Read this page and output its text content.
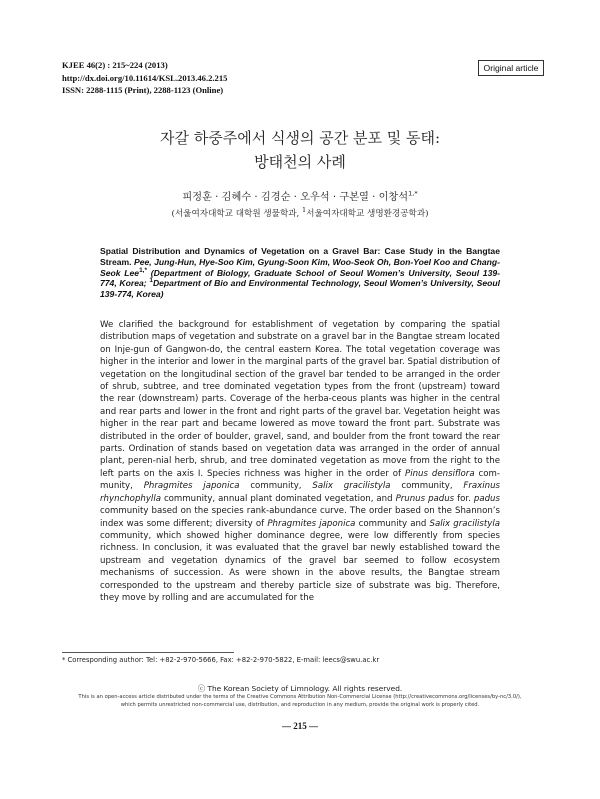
KJEE 46(2) : 215~224 (2013)
http://dx.doi.org/10.11614/KSL.2013.46.2.215
ISSN: 2288-1115 (Print), 2288-1123 (Online)
Original article
자갈 하중주에서 식생의 공간 분포 및 동태:
방태천의 사례
피정훈 · 김혜수 · 김경순 · 오우석 · 구본열 · 이창석$^{1,*}$
(서울여자대학교 대학원 생물학과, $^1$서울여자대학교 생명환경공학과)
Spatial Distribution and Dynamics of Vegetation on a Gravel Bar: Case Study in the Bangtae Stream. Pee, Jung-Hun, Hye-Soo Kim, Gyung-Soon Kim, Woo-Seok Oh, Bon-Yoel Koo and Chang-Seok Lee$^{1,*}$ (Department of Biology, Graduate School of Seoul Women’s University, Seoul 139-774, Korea; $^1$Department of Bio and Environmental Technology, Seoul Women’s University, Seoul 139-774, Korea)
We clarified the background for establishment of vegetation by comparing the spatial distribution maps of vegetation and substrate on a gravel bar in the Bangtae stream located on Inje-gun of Gangwon-do, the central eastern Korea. The total vegetation coverage was higher in the interior and lower in the marginal parts of the gravel bar. Spatial distribution of vegetation on the longitudinal section of the gravel bar tended to be arranged in the order of shrub, subtree, and tree dominated vegetation types from the front (upstream) toward the rear (downstream) parts. Coverage of the herba-ceous plants was higher in the central and rear parts and lower in the front and right parts of the gravel bar. Vegetation height was higher in the rear part and became lowered as move toward the front part. Substrate was distributed in the order of boulder, gravel, sand, and boulder from the front toward the rear parts. Ordination of stands based on vegetation data was arranged in the order of annual plant, peren-nial herb, shrub, and tree dominated vegetation as move from the right to the left parts on the axis I. Species richness was higher in the order of Pinus densiflora com-munity, Phragmites japonica community, Salix gracilistyla community, Fraxinus rhynchophylla community, annual plant dominated vegetation, and Prunus padus for. padus community based on the species rank-abundance curve. The order based on the Shannon’s index was some different; diversity of Phragmites japonica community and Salix gracilistyla community, which showed higher dominance degree, were low differently from species richness. In conclusion, it was evaluated that the gravel bar newly established toward the upstream and vegetation dynamics of the gravel bar seemed to follow ecosystem mechanisms of succession. As were shown in the above results, the Bangtae stream corresponded to the upstream and thereby particle size of substrate was big. Therefore, they move by rolling and are accumulated for the
* Corresponding author: Tel: +82-2-970-5666, Fax: +82-2-970-5822, E-mail: leecs@swu.ac.kr
ⓒ The Korean Society of Limnology. All rights reserved.
This is an open-access article distributed under the terms of the Creative Commons Attribution Non-Commercial License (http://creativecommons.org/licenses/by-nc/3.0/),
which permits unrestricted non-commercial use, distribution, and reproduction in any medium, provide the original work is properly cited.
— 215 —
